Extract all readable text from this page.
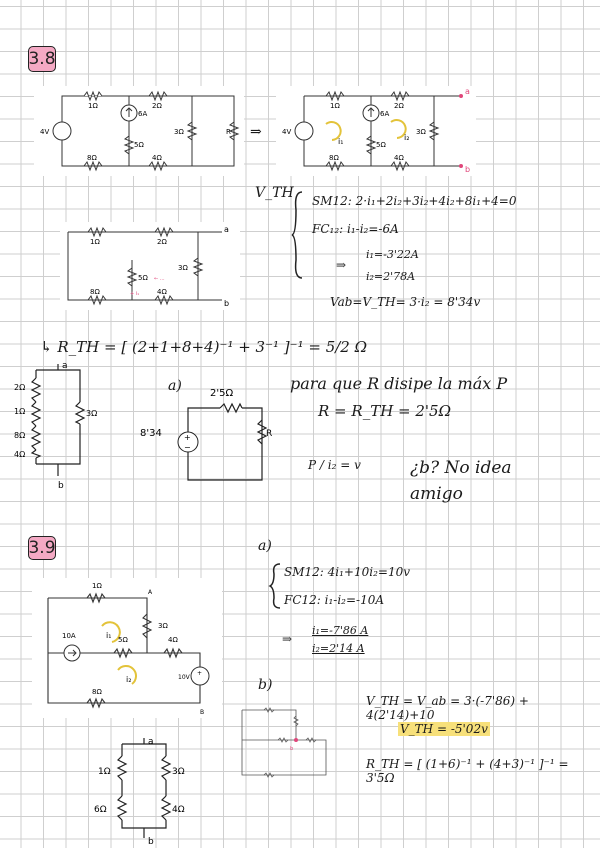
3.8
1Ω	2Ω
3Ω	R
5Ω
8Ω	4Ω
4V
6A
⇒
1Ω	2Ω
3Ω
5Ω
8Ω	4Ω
4V
6A
i₁	i₂
a
b
1Ω	2Ω
3Ω
5Ω
8Ω	4Ω
← ...
+ i₁
a
b
V_TH SM12: 2·i₁+2i₂+3i₂+4i₂+8i₁+4=0
FC₁₂: i₁-i₂=-6A
⇒
i₁=-3'22A
i₂=2'78A
Vab=V_TH= 3·i₂ = 8'34v
↳ R_TH = [ (2+1+8+4)⁻¹ + 3⁻¹ ]⁻¹ = 5/2 Ω
2Ω
1Ω
8Ω
4Ω
3Ω
a
b
a)
+
−
2'5Ω
8'34	R
para que R disipe la máx P
R = R_TH = 2'5Ω
P / i₂ = v	¿b? No idea amigo
3.9
+
1Ω
3Ω
5Ω	4Ω
8Ω
10A
10V
A
B
i₁
i₂
1Ω	3Ω
6Ω	4Ω
a
b
a)
SM12: 4i₁+10i₂=10v
FC12: i₁-i₂=-10A
⇒
i₁=-7'86 A
i₂=2'14 A
b)
b
V_TH = V_ab = 3·(-7'86) + 4(2'14)+10
V_TH = -5'02v
R_TH = [ (1+6)⁻¹ + (4+3)⁻¹ ]⁻¹ = 3'5Ω
